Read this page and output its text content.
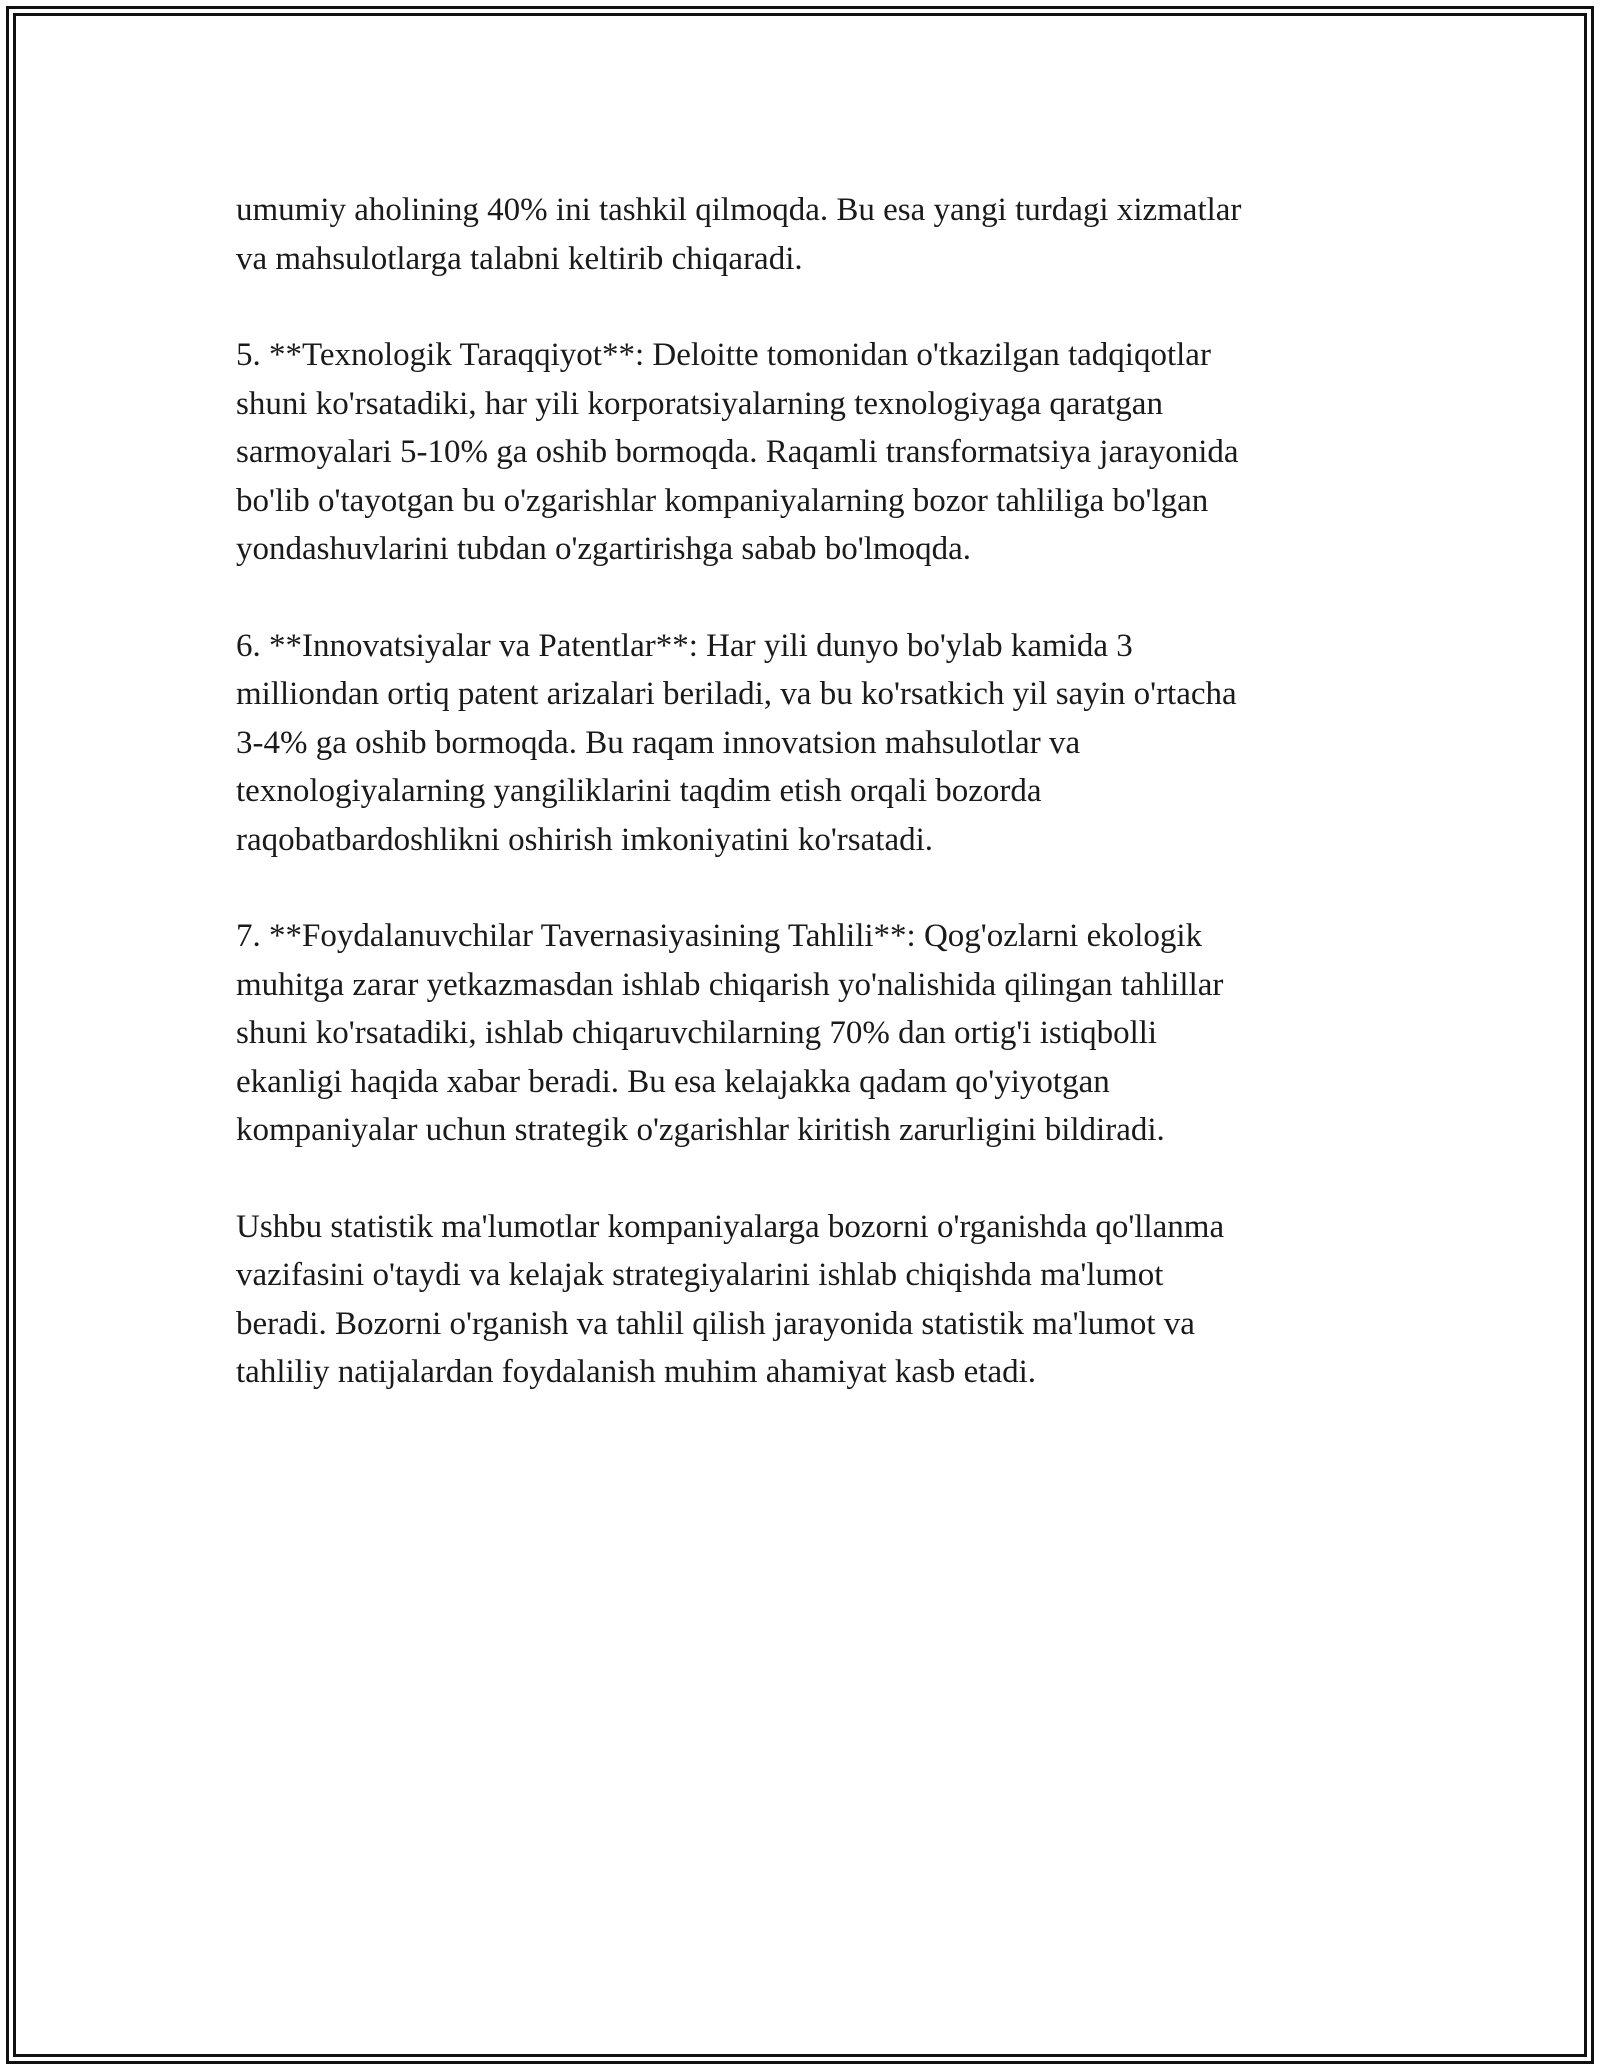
umumiy aholining 40% ini tashkil qilmoqda. Bu esa yangi turdagi xizmatlar
va mahsulotlarga talabni keltirib chiqaradi.

5. **Texnologik Taraqqiyot**: Deloitte tomonidan o'tkazilgan tadqiqotlar
shuni ko'rsatadiki, har yili korporatsiyalarning texnologiyaga qaratgan
sarmoyalari 5-10% ga oshib bormoqda. Raqamli transformatsiya jarayonida
bo'lib o'tayotgan bu o'zgarishlar kompaniyalarning bozor tahliliga bo'lgan
yondashuvlarini tubdan o'zgartirishga sabab bo'lmoqda.

6. **Innovatsiyalar va Patentlar**: Har yili dunyo bo'ylab kamida 3
milliondan ortiq patent arizalari beriladi, va bu ko'rsatkich yil sayin o'rtacha
3-4% ga oshib bormoqda. Bu raqam innovatsion mahsulotlar va
texnologiyalarning yangiliklarini taqdim etish orqali bozorda
raqobatbardoshlikni oshirish imkoniyatini ko'rsatadi.

7. **Foydalanuvchilar Tavernasiyasining Tahlili**: Qog'ozlarni ekologik
muhitga zarar yetkazmasdan ishlab chiqarish yo'nalishida qilingan tahlillar
shuni ko'rsatadiki, ishlab chiqaruvchilarning 70% dan ortig'i istiqbolli
ekanligi haqida xabar beradi. Bu esa kelajakka qadam qo'yiyotgan
kompaniyalar uchun strategik o'zgarishlar kiritish zarurligini bildiradi.

Ushbu statistik ma'lumotlar kompaniyalarga bozorni o'rganishda qo'llanma
vazifasini o'taydi va kelajak strategiyalarini ishlab chiqishda ma'lumot
beradi. Bozorni o'rganish va tahlil qilish jarayonida statistik ma'lumot va
tahliliy natijalardan foydalanish muhim ahamiyat kasb etadi.
